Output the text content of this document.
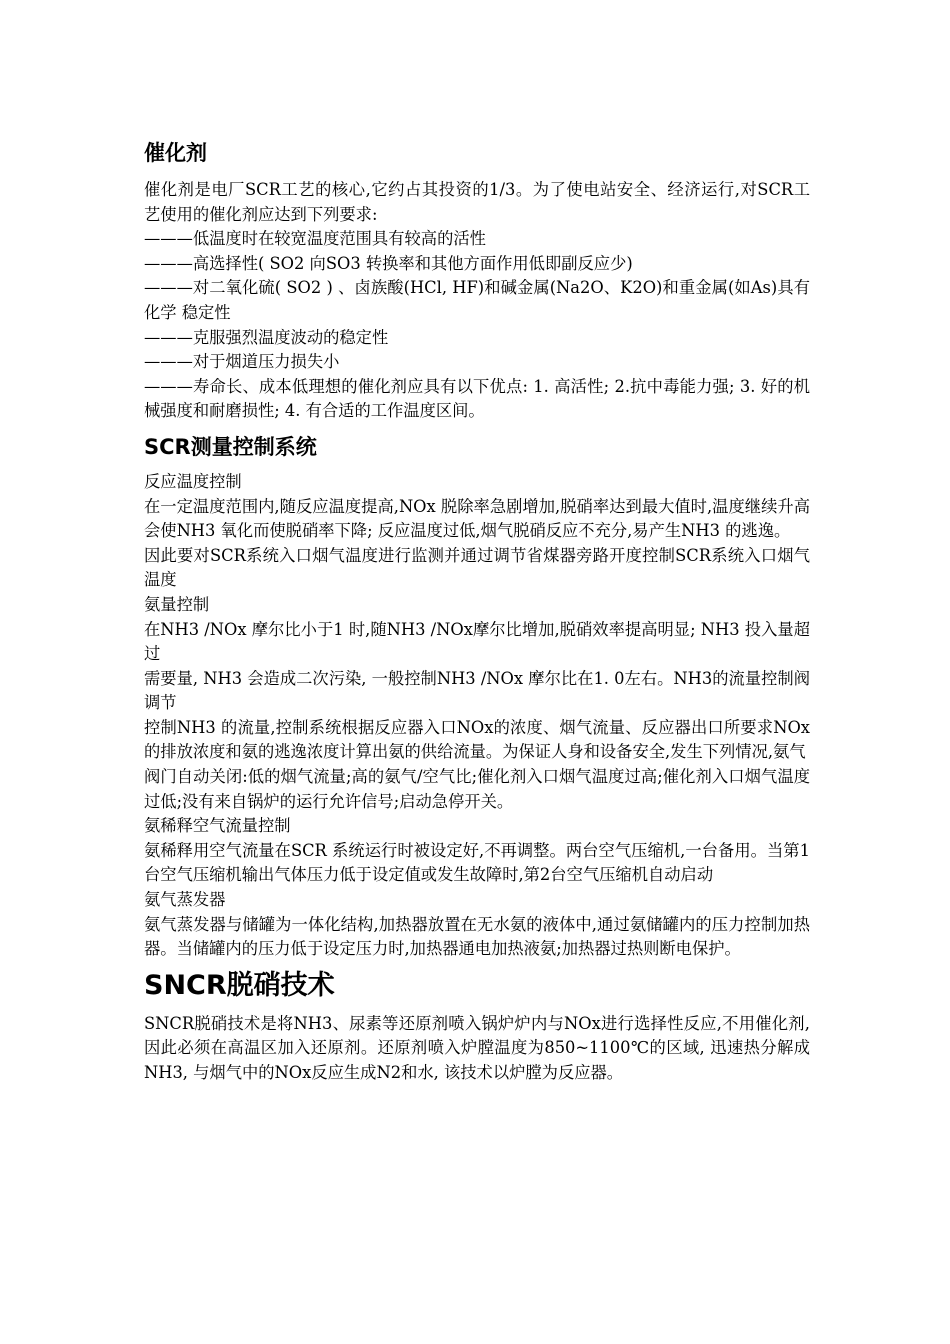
催化剂

催化剂是电厂SCR工艺的核心,它约占其投资的1/3。为了使电站安全、经济运行,对SCR工 艺使用的催化剂应达到下列要求:

———低温度时在较宽温度范围具有较高的活性

———高选择性( SO2 向SO3 转换率和其他方面作用低即副反应少)

———对二氧化硫( SO2 ) 、卤族酸(HCl, HF)和碱金属(Na2O、K2O)和重金属(如As)具有化学 稳定性

———克服强烈温度波动的稳定性

———对于烟道压力损失小

———寿命长、成本低理想的催化剂应具有以下优点: 1. 高活性; 2.抗中毒能力强; 3. 好的机械强度和耐磨损性; 4. 有合适的工作温度区间。

SCR测量控制系统

反应温度控制

在一定温度范围内,随反应温度提高,NOx 脱除率急剧增加,脱硝率达到最大值时,温度继续升高会使NH3 氧化而使脱硝率下降; 反应温度过低,烟气脱硝反应不充分,易产生NH3 的逃逸。

因此要对SCR系统入口烟气温度进行监测并通过调节省煤器旁路开度控制SCR系统入口烟气温度

氨量控制

在NH3 /NOx 摩尔比小于1 时,随NH3 /NOx摩尔比增加,脱硝效率提高明显; NH3 投入量超过

需要量, NH3 会造成二次污染, 一般控制NH3 /NOx 摩尔比在1. 0左右。NH3的流量控制阀调节

控制NH3 的流量,控制系统根据反应器入口NOx的浓度、烟气流量、反应器出口所要求NOx 的排放浓度和氨的逃逸浓度计算出氨的供给流量。为保证人身和设备安全,发生下列情况,氨气

阀门自动关闭:低的烟气流量;高的氨气/空气比;催化剂入口烟气温度过高;催化剂入口烟气温度过低;没有来自锅炉的运行允许信号;启动急停开关。

氨稀释空气流量控制

氨稀释用空气流量在SCR 系统运行时被设定好,不再调整。两台空气压缩机,一台备用。当第1台空气压缩机输出气体压力低于设定值或发生故障时,第2台空气压缩机自动启动

氨气蒸发器

氨气蒸发器与储罐为一体化结构,加热器放置在无水氨的液体中,通过氨储罐内的压力控制加热器。当储罐内的压力低于设定压力时,加热器通电加热液氨;加热器过热则断电保护。

SNCR脱硝技术

SNCR脱硝技术是将NH3、尿素等还原剂喷入锅炉炉内与NOx进行选择性反应,不用催化剂, 因此必须在高温区加入还原剂。还原剂喷入炉膛温度为850~1100℃的区域, 迅速热分解成NH3, 与烟气中的NOx反应生成N2和水, 该技术以炉膛为反应器。
